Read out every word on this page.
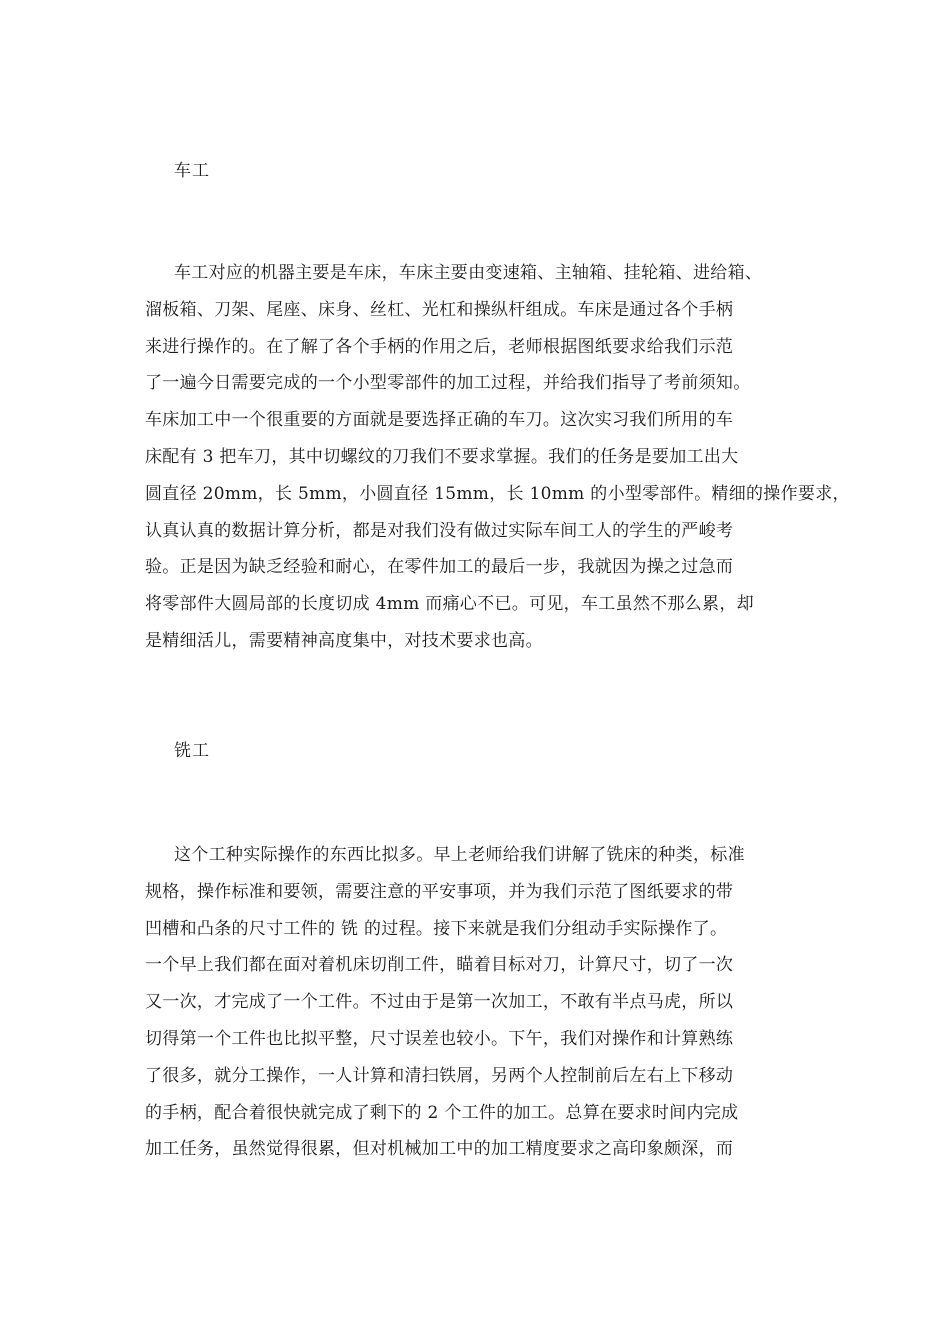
车工
车工对应的机器主要是车床，车床主要由变速箱、主轴箱、挂轮箱、进给箱、
溜板箱、刀架、尾座、床身、丝杠、光杠和操纵杆组成。车床是通过各个手柄
来进行操作的。在了解了各个手柄的作用之后，老师根据图纸要求给我们示范
了一遍今日需要完成的一个小型零部件的加工过程，并给我们指导了考前须知。
车床加工中一个很重要的方面就是要选择正确的车刀。这次实习我们所用的车
床配有 3 把车刀，其中切螺纹的刀我们不要求掌握。我们的任务是要加工出大
圆直径 20mm，长 5mm，小圆直径 15mm，长 10mm 的小型零部件。精细的操作要求，
认真认真的数据计算分析，都是对我们没有做过实际车间工人的学生的严峻考
验。正是因为缺乏经验和耐心，在零件加工的最后一步，我就因为操之过急而
将零部件大圆局部的长度切成 4mm 而痛心不已。可见，车工虽然不那么累，却
是精细活儿，需要精神高度集中，对技术要求也高。
铣工
这个工种实际操作的东西比拟多。早上老师给我们讲解了铣床的种类，标准
规格，操作标准和要领，需要注意的平安事项，并为我们示范了图纸要求的带
凹槽和凸条的尺寸工件的 铣 的过程。接下来就是我们分组动手实际操作了。
一个早上我们都在面对着机床切削工件，瞄着目标对刀，计算尺寸，切了一次
又一次，才完成了一个工件。不过由于是第一次加工，不敢有半点马虎，所以
切得第一个工件也比拟平整，尺寸误差也较小。下午，我们对操作和计算熟练
了很多，就分工操作，一人计算和清扫铁屑，另两个人控制前后左右上下移动
的手柄，配合着很快就完成了剩下的 2 个工件的加工。总算在要求时间内完成
加工任务，虽然觉得很累，但对机械加工中的加工精度要求之高印象颇深，而
